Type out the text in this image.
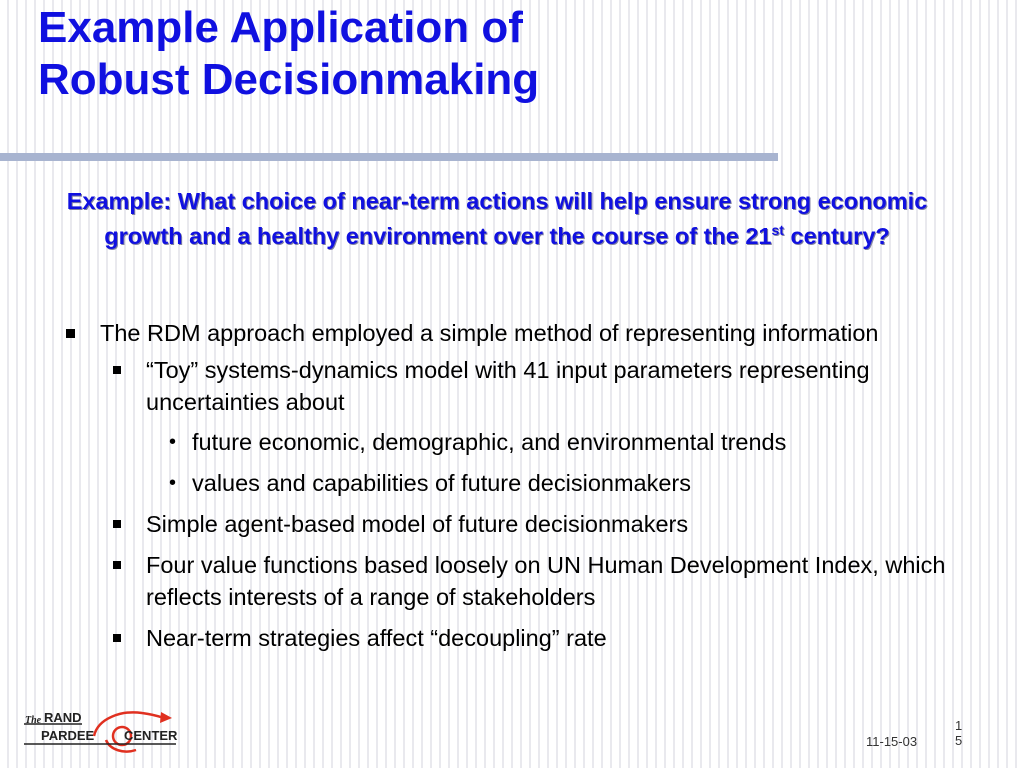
Example Application of
Robust Decisionmaking

Example: What choice of near-term actions will help ensure strong economic growth and a healthy environment over the course of the 21st century?

The RDM approach employed a simple method of representing information
“Toy” systems-dynamics model with 41 input parameters representing uncertainties about
• future economic, demographic, and environmental trends
• values and capabilities of future decisionmakers
Simple agent-based model of future decisionmakers
Four value functions based loosely on UN Human Development Index, which reflects interests of a range of stakeholders
Near-term strategies affect “decoupling” rate
The RAND
PARDEE CENTER	11-15-03
15
